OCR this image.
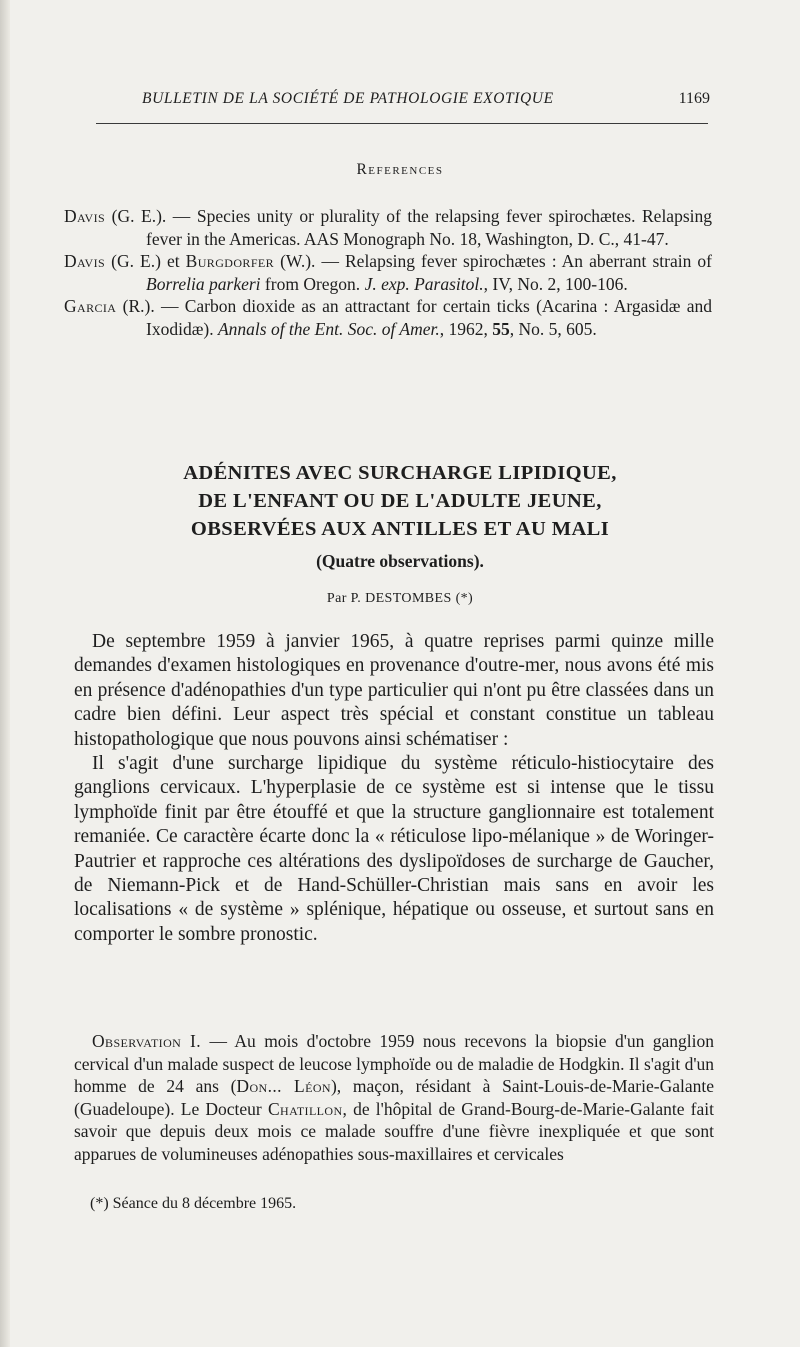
BULLETIN DE LA SOCIÉTÉ DE PATHOLOGIE EXOTIQUE	1169
References

Davis (G. E.). — Species unity or plurality of the relapsing fever spirochætes. Relapsing fever in the Americas. AAS Monograph No. 18, Washington, D. C., 41-47.

Davis (G. E.) et Burgdorfer (W.). — Relapsing fever spirochætes : An aberrant strain of Borrelia parkeri from Oregon. J. exp. Parasitol., IV, No. 2, 100-106.

Garcia (R.). — Carbon dioxide as an attractant for certain ticks (Acarina : Argasidæ and Ixodidæ). Annals of the Ent. Soc. of Amer., 1962, 55, No. 5, 605.

ADÉNITES AVEC SURCHARGE LIPIDIQUE,
DE L'ENFANT OU DE L'ADULTE JEUNE,
OBSERVÉES AUX ANTILLES ET AU MALI
(Quatre observations).
Par P. DESTOMBES (*)

De septembre 1959 à janvier 1965, à quatre reprises parmi quinze mille demandes d'examen histologiques en provenance d'outre-mer, nous avons été mis en présence d'adénopathies d'un type particulier qui n'ont pu être classées dans un cadre bien défini. Leur aspect très spécial et constant constitue un tableau histopathologique que nous pouvons ainsi schématiser :

Il s'agit d'une surcharge lipidique du système réticulo-histiocytaire des ganglions cervicaux. L'hyperplasie de ce système est si intense que le tissu lymphoïde finit par être étouffé et que la structure ganglionnaire est totalement remaniée. Ce caractère écarte donc la « réticulose lipo-mélanique » de Woringer-Pautrier et rapproche ces altérations des dyslipoïdoses de surcharge de Gaucher, de Niemann-Pick et de Hand-Schüller-Christian mais sans en avoir les localisations « de système » splénique, hépatique ou osseuse, et surtout sans en comporter le sombre pronostic.

Observation I. — Au mois d'octobre 1959 nous recevons la biopsie d'un ganglion cervical d'un malade suspect de leucose lymphoïde ou de maladie de Hodgkin. Il s'agit d'un homme de 24 ans (Don... Léon), maçon, résidant à Saint-Louis-de-Marie-Galante (Guadeloupe). Le Docteur Chatillon, de l'hôpital de Grand-Bourg-de-Marie-Galante fait savoir que depuis deux mois ce malade souffre d'une fièvre inexpliquée et que sont apparues de volumineuses adénopathies sous-maxillaires et cervicales

(*) Séance du 8 décembre 1965.
